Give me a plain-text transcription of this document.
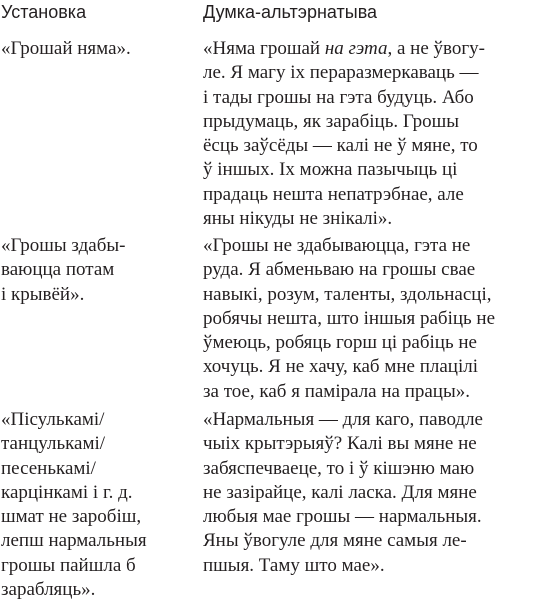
Установка	Думка-альтэрнатыва
«Грошай няма».	«Няма грошай на гэта, а не ўвогу-
ле. Я магу іх пераразмеркаваць —
і тады грошы на гэта будуць. Або
прыдумаць, як зарабіць. Грошы
ёсць заўсёды — калі не ў мяне, то
ў іншых. Іх можна пазычыць ці
прадаць нешта непатрэбнае, але
яны нікуды не знікалі».
«Грошы здабы-
ваюцца потам
і крывёй».
«Грошы не здабываюцца, гэта не
руда. Я абменьваю на грошы свае
навыкі, розум, таленты, здольнасці,
робячы нешта, што іншыя рабіць не
ўмеюць, робяць горш ці рабіць не
хочуць. Я не хачу, каб мне плацілі
за тое, каб я памірала на працы».
«Пісулькамі/
танцулькамі/
песенькамі/
карцінкамі і г. д.
шмат не заробіш,
лепш нармальныя
грошы пайшла б
зарабляць».
«Нармальныя — для каго, паводле
чыіх крытэрыяў? Калі вы мяне не
забяспечваеце, то і ў кішэню маю
не зазірайце, калі ласка. Для мяне
любыя мае грошы — нармальныя.
Яны ўвогуле для мяне самыя ле-
пшыя. Таму што мае».
